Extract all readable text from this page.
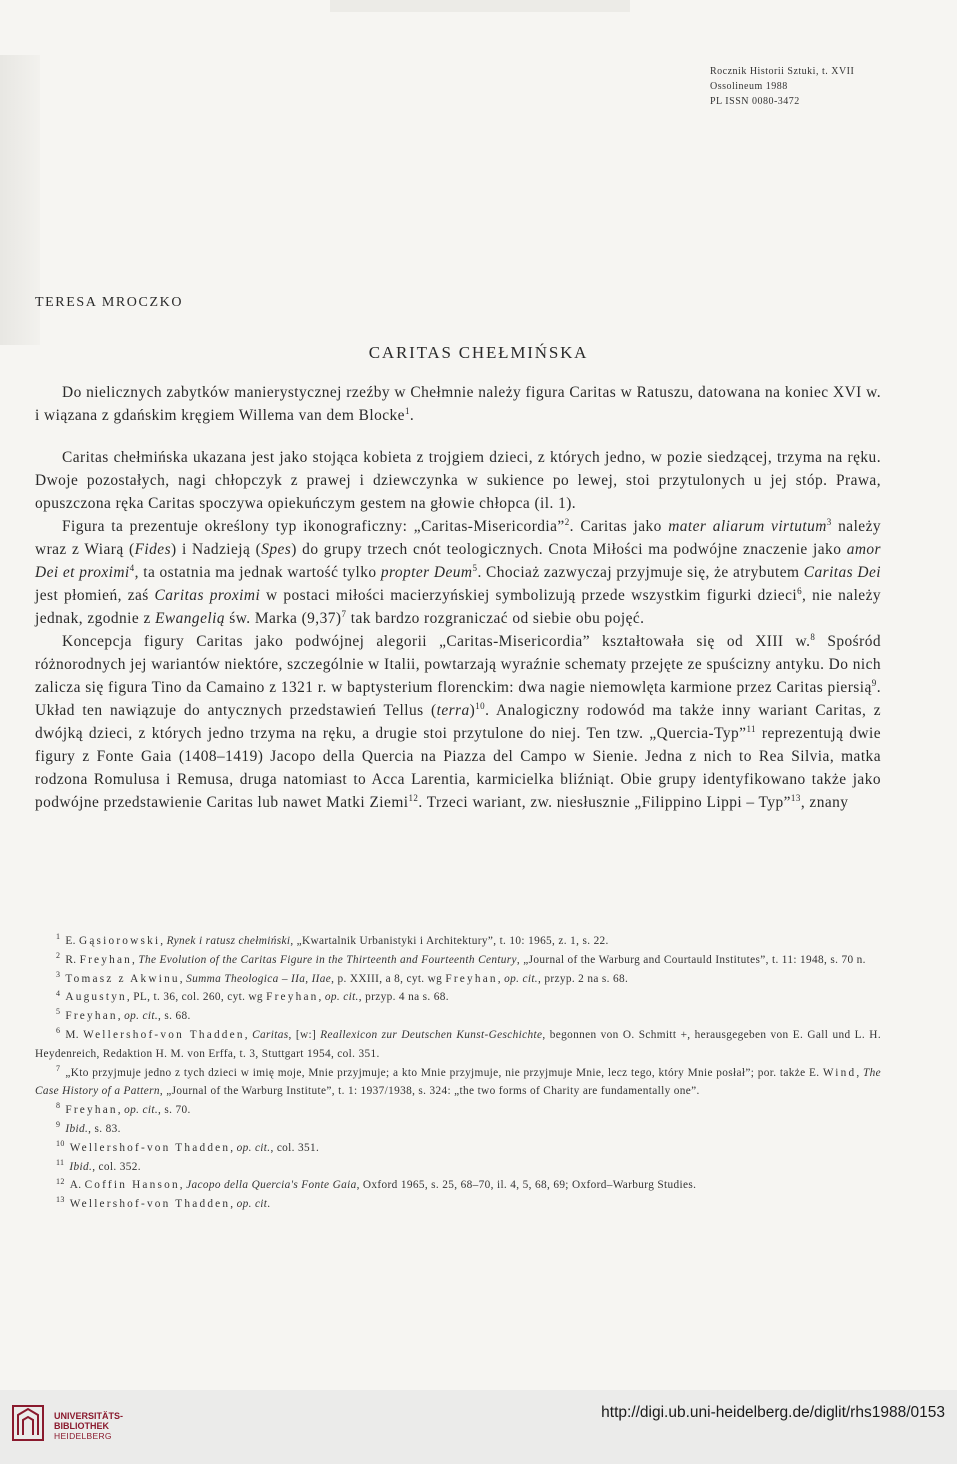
Rocznik Historii Sztuki, t. XVII
Ossolineum 1988
PL ISSN 0080-3472
TERESA MROCZKO
CARITAS CHEŁMIŃSKA

Do nielicznych zabytków manierystycznej rzeźby w Chełmnie należy figura Caritas w Ratuszu, datowana na koniec XVI w. i wiązana z gdańskim kręgiem Willema van dem Blocke$^1$.

Caritas chełmińska ukazana jest jako stojąca kobieta z trojgiem dzieci, z których jedno, w pozie siedzącej, trzyma na ręku. Dwoje pozostałych, nagi chłopczyk z prawej i dziewczynka w sukience po lewej, stoi przytulonych u jej stóp. Prawa, opuszczona ręka Caritas spoczywa opiekuńczym gestem na głowie chłopca (il. 1).

Figura ta prezentuje określony typ ikonograficzny: „Caritas-Misericordia”$^2$. Caritas jako mater aliarum virtutum$^3$ należy wraz z Wiarą (Fides) i Nadzieją (Spes) do grupy trzech cnót teologicznych. Cnota Miłości ma podwójne znaczenie jako amor Dei et proximi$^4$, ta ostatnia ma jednak wartość tylko propter Deum$^5$. Chociaż zazwyczaj przyjmuje się, że atrybutem Caritas Dei jest płomień, zaś Caritas proximi w postaci miłości macierzyńskiej symbolizują przede wszystkim figurki dzieci$^6$, nie należy jednak, zgodnie z Ewangelią św. Marka $(9,37)^7$ tak bardzo rozgraniczać od siebie obu pojęć.

Koncepcja figury Caritas jako podwójnej alegorii „Caritas-Misericordia” kształtowała się od XIII w.$^8$ Spośród różnorodnych jej wariantów niektóre, szczególnie w Italii, powtarzają wyraźnie schematy przejęte ze spuścizny antyku. Do nich zalicza się figura Tino da Camaino z 1321 r. w baptysterium florenckim: dwa nagie niemowlęta karmione przez Caritas piersią$^9$. Układ ten nawiązuje do antycznych przedstawień Tellus (terra)$^{10}$. Analogiczny rodowód ma także inny wariant Caritas, z dwójką dzieci, z których jedno trzyma na ręku, a drugie stoi przytulone do niej. Ten tzw. „Quercia-Typ”$^{11}$ reprezentują dwie figury z Fonte Gaia (1408–1419) Jacopo della Quercia na Piazza del Campo w Sienie. Jedna z nich to Rea Silvia, matka rodzona Romulusa i Remusa, druga natomiast to Acca Larentia, karmicielka bliźniąt. Obie grupy identyfikowano także jako podwójne przedstawienie Caritas lub nawet Matki Ziemi$^{12}$. Trzeci wariant, zw. niesłusznie „Filippino Lippi – Typ”$^{13}$, znany

$^1$ E. Gąsiorowski, Rynek i ratusz chełmiński, „Kwartalnik Urbanistyki i Architektury”, t. 10: 1965, z. 1, s. 22.

$^2$ R. Freyhan, The Evolution of the Caritas Figure in the Thirteenth and Fourteenth Century, „Journal of the Warburg and Courtauld Institutes”, t. 11: 1948, s. 70 n.

$^3$ Tomasz z Akwinu, Summa Theologica – IIa, IIae, p. XXIII, a 8, cyt. wg Freyhan, op. cit., przyp. 2 na s. 68.

$^4$ Augustyn, PL, t. 36, col. 260, cyt. wg Freyhan, op. cit., przyp. 4 na s. 68.

$^5$ Freyhan, op. cit., s. 68.

$^6$ M. Wellershof-von Thadden, Caritas, [w:] Reallexicon zur Deutschen Kunst-Geschichte, begonnen von O. Schmitt +, herausgegeben von E. Gall und L. H. Heydenreich, Redaktion H. M. von Erffa, t. 3, Stuttgart 1954, col. 351.

$^7$ „Kto przyjmuje jedno z tych dzieci w imię moje, Mnie przyjmuje; a kto Mnie przyjmuje, nie przyjmuje Mnie, lecz tego, który Mnie posłał”; por. także E. Wind, The Case History of a Pattern, „Journal of the Warburg Institute”, t. 1: 1937/1938, s. 324: „the two forms of Charity are fundamentally one”.

$^8$ Freyhan, op. cit., s. 70.

$^9$ Ibid., s. 83.

$^{10}$ Wellershof-von Thadden, op. cit., col. 351.

$^{11}$ Ibid., col. 352.

$^{12}$ A. Coffin Hanson, Jacopo della Quercia's Fonte Gaia, Oxford 1965, s. 25, 68–70, il. 4, 5, 68, 69; Oxford–Warburg Studies.

$^{13}$ Wellershof-von Thadden, op. cit.

UNIVERSITÄTS-
BIBLIOTHEK
HEIDELBERG
http://digi.ub.uni-heidelberg.de/diglit/rhs1988/0153
